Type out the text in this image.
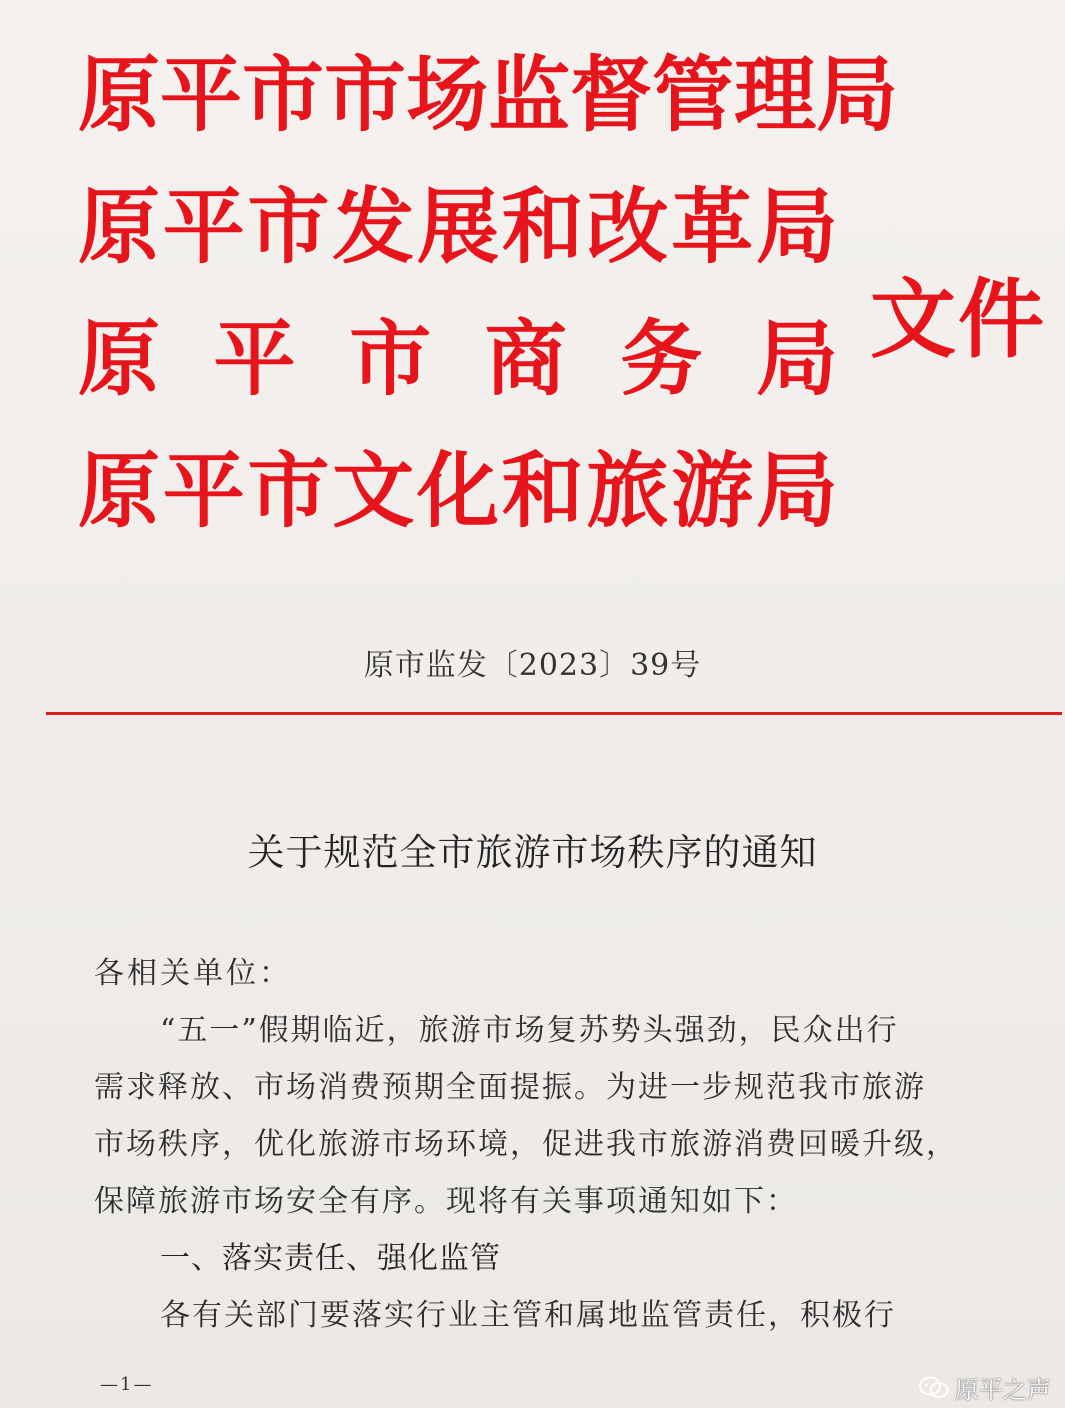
原 平 市 市 场 监 督 管 理 局
原 平 市 发 展 和 改 革 局
原 平 市 商 务 局
原 平 市 文 化 和 旅 游 局
文件
原市监发〔2023〕39号
关于规范全市旅游市场秩序的通知

各相关单位：

“五一”假期临近，旅游市场复苏势头强劲，民众出行

需求释放、市场消费预期全面提振。为进一步规范我市旅游

市场秩序，优化旅游市场环境，促进我市旅游消费回暖升级，

保障旅游市场安全有序。现将有关事项通知如下：

一、落实责任、强化监管

各有关部门要落实行业主管和属地监管责任，积极行

—1—	原平之声
